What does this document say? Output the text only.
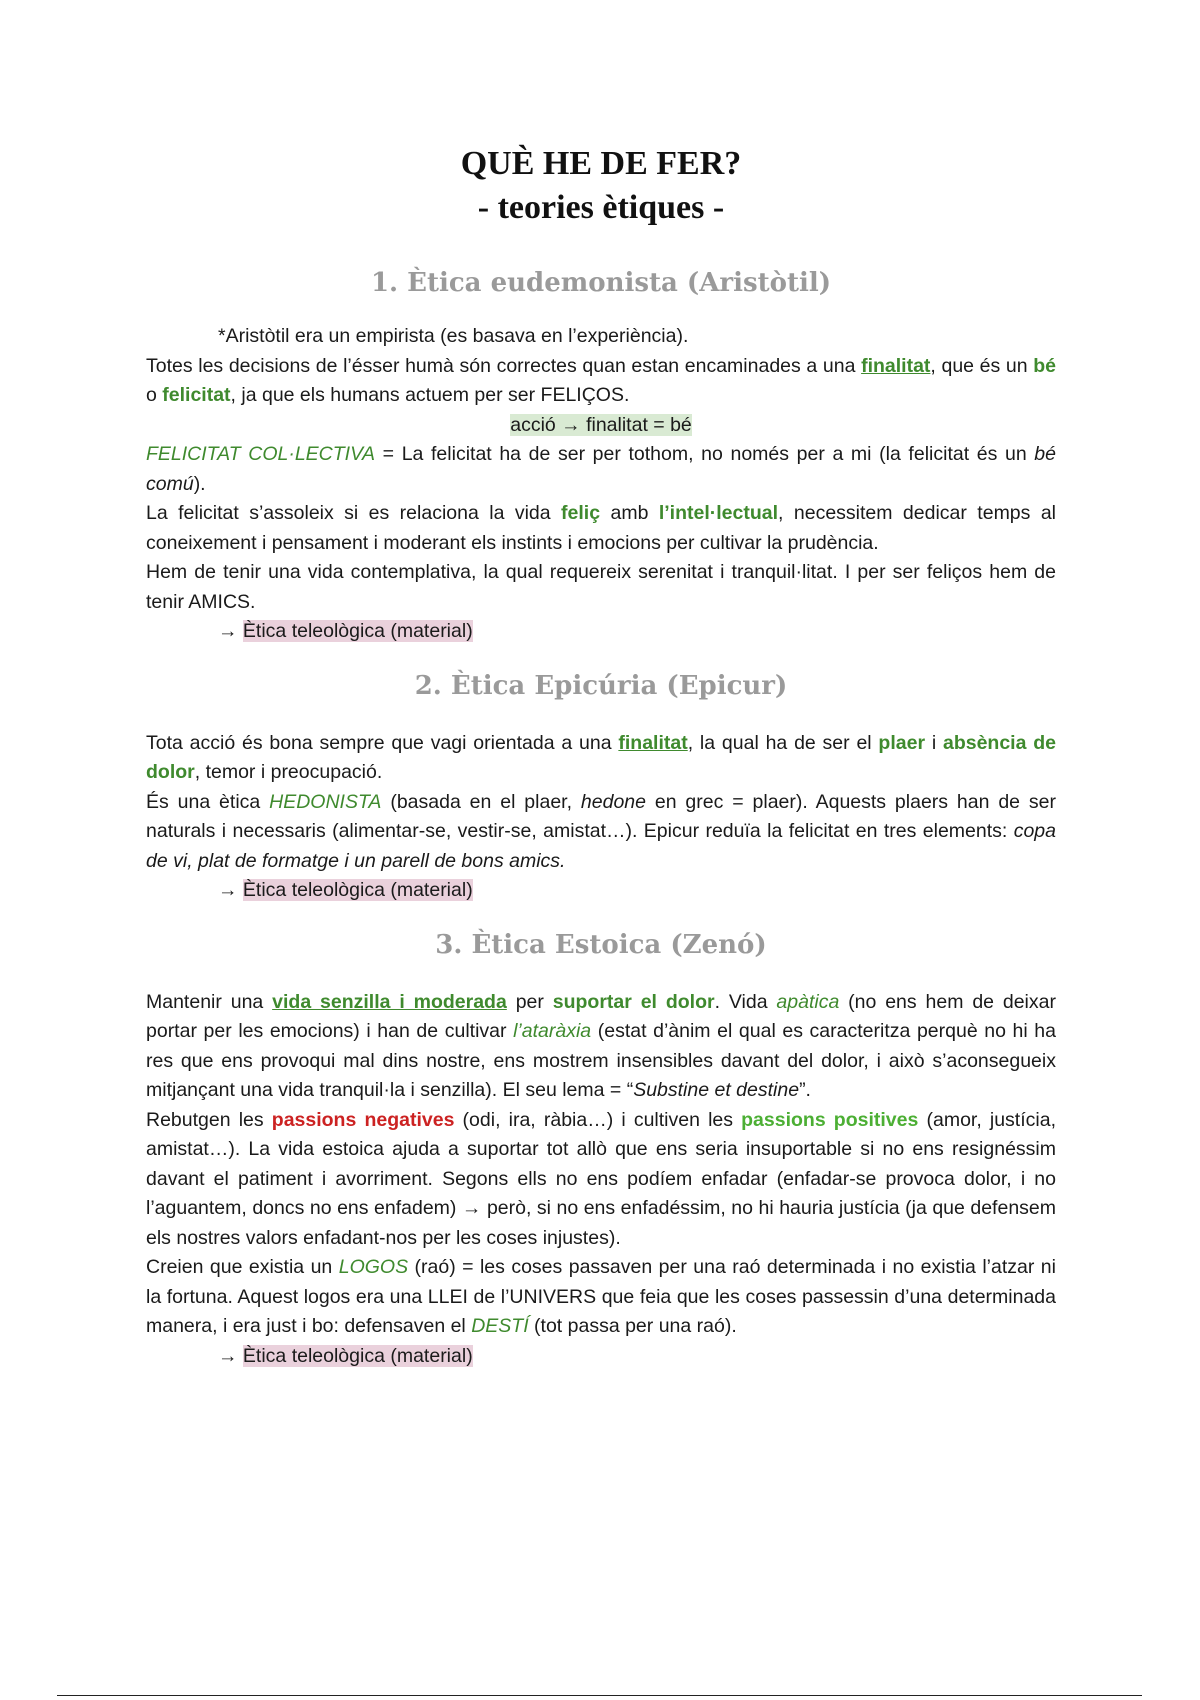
QUÈ HE DE FER?
- teories ètiques -
1. Ètica eudemonista (Aristòtil)

*Aristòtil era un empirista (es basava en l’experiència).

Totes les decisions de l’ésser humà són correctes quan estan encaminades a una finalitat, que és un bé o felicitat, ja que els humans actuem per ser FELIÇOS.

acció → finalitat = bé

FELICITAT COL·LECTIVA = La felicitat ha de ser per tothom, no només per a mi (la felicitat és un bé comú).

La felicitat s’assoleix si es relaciona la vida feliç amb l’intel·lectual, necessitem dedicar temps al coneixement i pensament i moderant els instints i emocions per cultivar la prudència.

Hem de tenir una vida contemplativa, la qual requereix serenitat i tranquil·litat. I per ser feliços hem de tenir AMICS.

→ Ètica teleològica (material)

2. Ètica Epicúria (Epicur)

Tota acció és bona sempre que vagi orientada a una finalitat, la qual ha de ser el plaer i absència de dolor, temor i preocupació.

És una ètica HEDONISTA (basada en el plaer, hedone en grec = plaer). Aquests plaers han de ser naturals i necessaris (alimentar-se, vestir-se, amistat…). Epicur reduïa la felicitat en tres elements: copa de vi, plat de formatge i un parell de bons amics.

→ Ètica teleològica (material)

3. Ètica Estoica (Zenó)

Mantenir una vida senzilla i moderada per suportar el dolor. Vida apàtica (no ens hem de deixar portar per les emocions) i han de cultivar l’ataràxia (estat d’ànim el qual es caracteritza perquè no hi ha res que ens provoqui mal dins nostre, ens mostrem insensibles davant del dolor, i això s’aconsegueix mitjançant una vida tranquil·la i senzilla). El seu lema = “Substine et destine”.

Rebutgen les passions negatives (odi, ira, ràbia…) i cultiven les passions positives (amor, justícia, amistat…). La vida estoica ajuda a suportar tot allò que ens seria insuportable si no ens resignéssim davant el patiment i avorriment. Segons ells no ens podíem enfadar (enfadar-se provoca dolor, i no l’aguantem, doncs no ens enfadem) → però, si no ens enfadéssim, no hi hauria justícia (ja que defensem els nostres valors enfadant-nos per les coses injustes).

Creien que existia un LOGOS (raó) = les coses passaven per una raó determinada i no existia l’atzar ni la fortuna. Aquest logos era una LLEI de l’UNIVERS que feia que les coses passessin d’una determinada manera, i era just i bo: defensaven el DESTÍ (tot passa per una raó).

→ Ètica teleològica (material)
